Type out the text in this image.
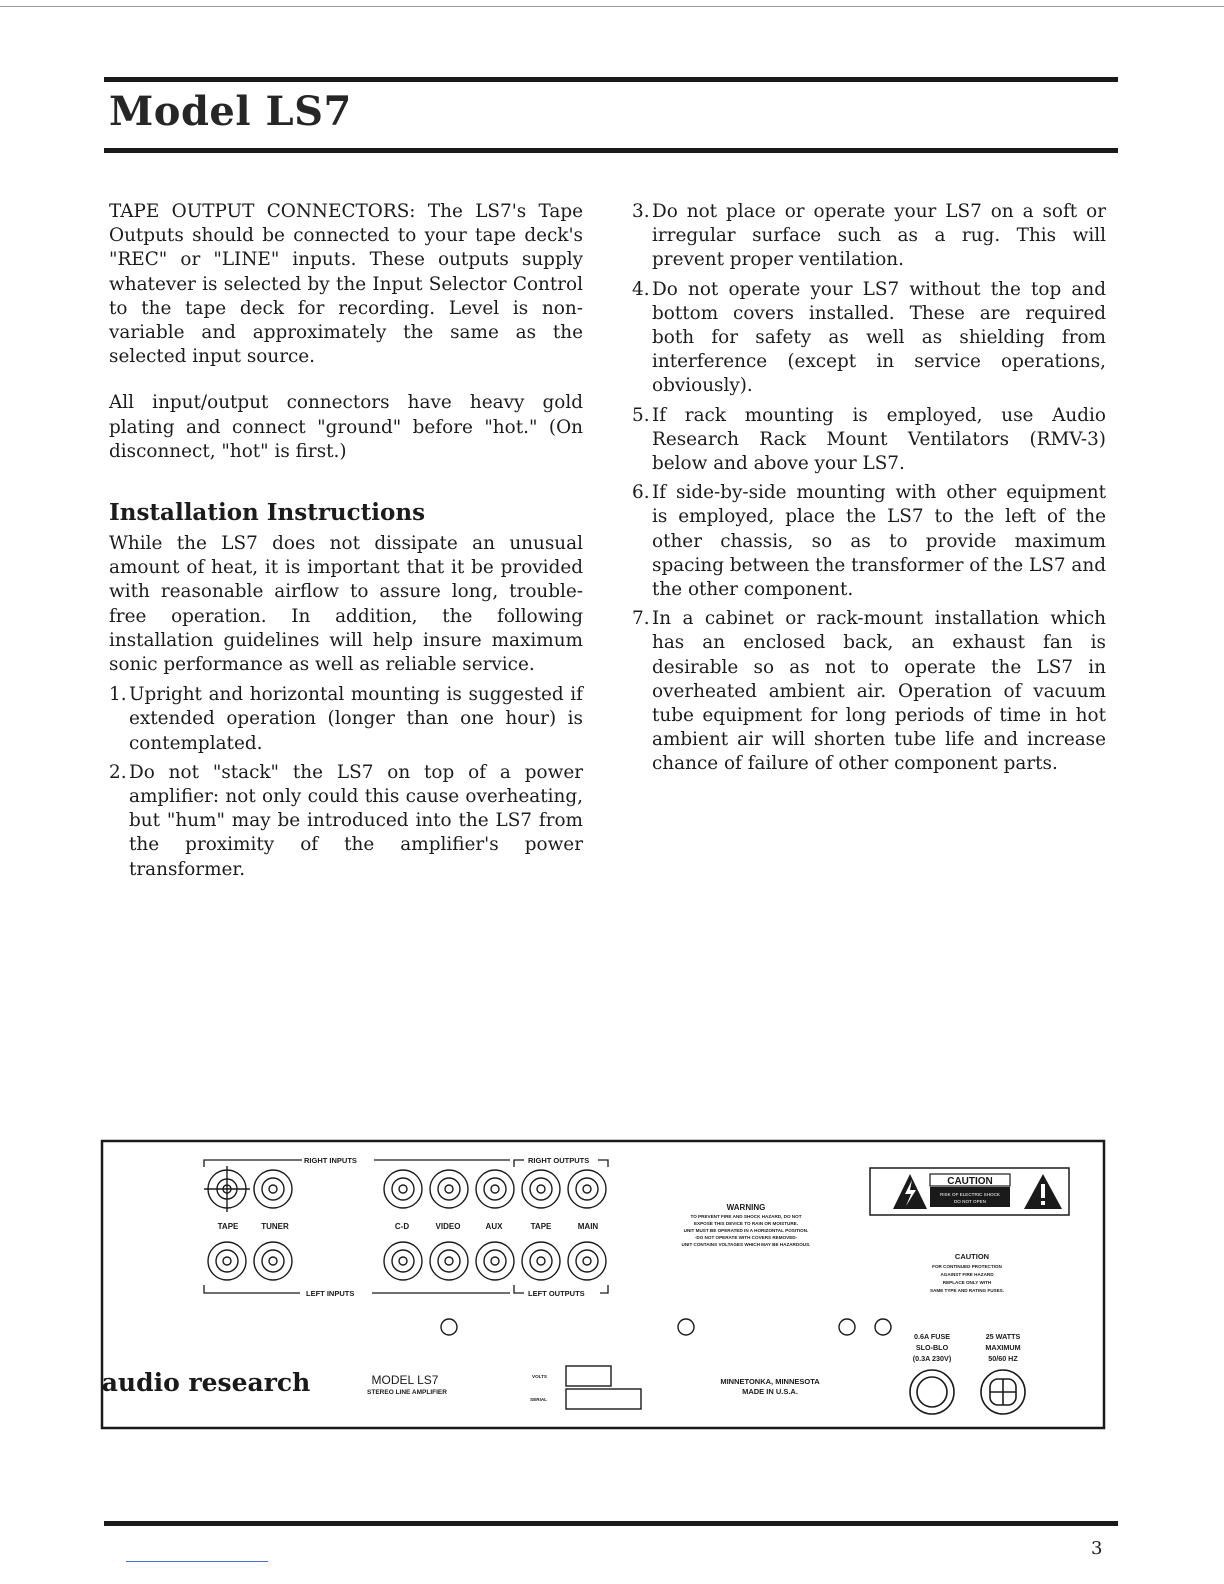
Model LS7

TAPE OUTPUT CONNECTORS: The LS7's Tape Outputs should be connected to your tape deck's "REC" or "LINE" inputs. These outputs supply whatever is selected by the Input Selector Control to the tape deck for recording. Level is non-variable and approximately the same as the selected input source.

All input/output connectors have heavy gold plating and connect "ground" before "hot." (On disconnect, "hot" is first.)

Installation Instructions

While the LS7 does not dissipate an unusual amount of heat, it is important that it be provided with reasonable airflow to assure long, trouble-free operation. In addition, the following installation guidelines will help insure maximum sonic performance as well as reliable service.

1. Upright and horizontal mounting is suggested if extended operation (longer than one hour) is contemplated.
2. Do not "stack" the LS7 on top of a power amplifier: not only could this cause overheating, but "hum" may be introduced into the LS7 from the proximity of the amplifier's power transformer.
3. Do not place or operate your LS7 on a soft or irregular surface such as a rug. This will prevent proper ventilation.
4. Do not operate your LS7 without the top and bottom covers installed. These are required both for safety as well as shielding from interference (except in service operations, obviously).
5. If rack mounting is employed, use Audio Research Rack Mount Ventilators (RMV-3) below and above your LS7.
6. If side-by-side mounting with other equipment is employed, place the LS7 to the left of the other chassis, so as to provide maximum spacing between the transformer of the LS7 and the other component.
7. In a cabinet or rack-mount installation which has an enclosed back, an exhaust fan is desirable so as not to operate the LS7 in overheated ambient air. Operation of vacuum tube equipment for long periods of time in hot ambient air will shorten tube life and increase chance of failure of other component parts.
RIGHT INPUTS	RIGHT OUTPUTS
LEFT INPUTS	LEFT OUTPUTS
TAPE	TUNER	C-D	VIDEO	AUX	TAPE	MAIN
WARNING
TO PREVENT FIRE AND SHOCK HAZARD, DO NOT
EXPOSE THIS DEVICE TO RAIN OR MOISTURE.
UNIT MUST BE OPERATED IN A HORIZONTAL POSITION.
-DO NOT OPERATE WITH COVERS REMOVED-
UNIT CONTAINS VOLTAGES WHICH MAY BE HAZARDOUS.
CAUTION
RISK OF ELECTRIC SHOCK
DO NOT OPEN
CAUTION
FOR CONTINUED PROTECTION
AGAINST FIRE HAZARD
REPLACE ONLY WITH
SAME TYPE AND RATING FUSES.
0.6A FUSE
SLO-BLO
(0.3A 230V)
25 WATTS
MAXIMUM
50/60 HZ
audio research	MODEL LS7
STEREO LINE AMPLIFIER
VOLTS
SERIAL
MINNETONKA, MINNESOTA
MADE IN U.S.A.
3
